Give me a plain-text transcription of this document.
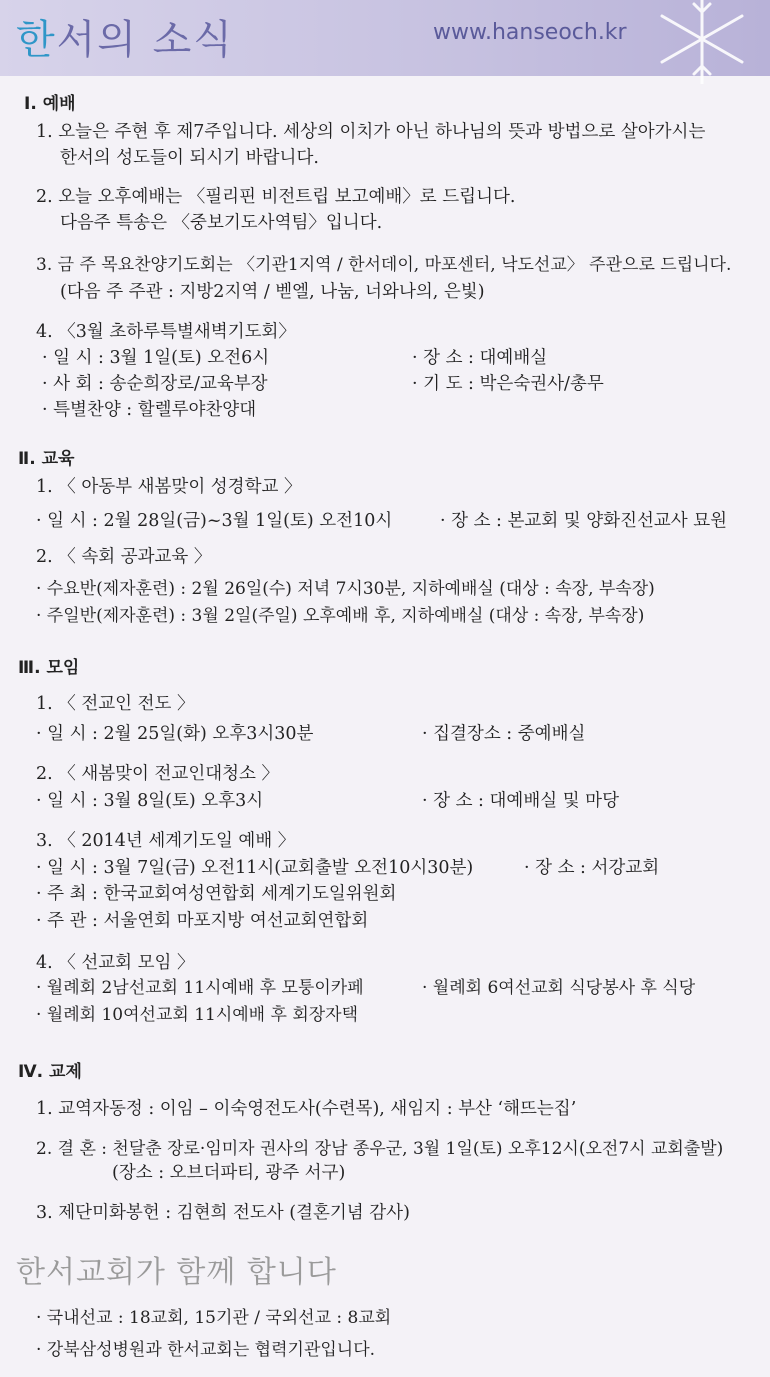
한서의 소식	www.hanseoch.kr
Ⅰ. 예배
1. 오늘은 주현 후 제7주입니다. 세상의 이치가 아닌 하나님의 뜻과 방법으로 살아가시는
한서의 성도들이 되시기 바랍니다.
2. 오늘 오후예배는 〈필리핀 비전트립 보고예배〉로 드립니다.
다음주 특송은 〈중보기도사역팀〉입니다.
3. 금 주 목요찬양기도회는 〈기관1지역 / 한서데이, 마포센터, 낙도선교〉 주관으로 드립니다.
(다음 주 주관 : 지방2지역 / 벧엘, 나눔, 너와나의, 은빛)
4. 〈3월 초하루특별새벽기도회〉
· 일 시 : 3월 1일(토) 오전6시	· 장 소 : 대예배실
· 사 회 : 송순희장로/교육부장	· 기 도 : 박은숙권사/총무
· 특별찬양 : 할렐루야찬양대
Ⅱ. 교육
1. 〈 아동부 새봄맞이 성경학교 〉
· 일 시 : 2월 28일(금)~3월 1일(토) 오전10시	· 장 소 : 본교회 및 양화진선교사 묘원
2. 〈 속회 공과교육 〉
· 수요반(제자훈련) : 2월 26일(수) 저녁 7시30분, 지하예배실 (대상 : 속장, 부속장)
· 주일반(제자훈련) : 3월 2일(주일) 오후예배 후, 지하예배실 (대상 : 속장, 부속장)
Ⅲ. 모임
1. 〈 전교인 전도 〉
· 일 시 : 2월 25일(화) 오후3시30분	· 집결장소 : 중예배실
2. 〈 새봄맞이 전교인대청소 〉
· 일 시 : 3월 8일(토) 오후3시	· 장 소 : 대예배실 및 마당
3. 〈 2014년 세계기도일 예배 〉
· 일 시 : 3월 7일(금) 오전11시(교회출발 오전10시30분)	· 장 소 : 서강교회
· 주 최 : 한국교회여성연합회 세계기도일위원회
· 주 관 : 서울연회 마포지방 여선교회연합회
4. 〈 선교회 모임 〉
· 월례회 2남선교회 11시예배 후 모퉁이카페	· 월례회 6여선교회 식당봉사 후 식당
· 월례회 10여선교회 11시예배 후 회장자택
Ⅳ. 교제
1. 교역자동정 : 이임 – 이숙영전도사(수련목), 새임지 : 부산 ‘해뜨는집’
2. 결 혼 : 천달춘 장로·임미자 권사의 장남 종우군, 3월 1일(토) 오후12시(오전7시 교회출발)
(장소 : 오브더파티, 광주 서구)
3. 제단미화봉헌 : 김현희 전도사 (결혼기념 감사)
한서교회가 함께 합니다
· 국내선교 : 18교회, 15기관 / 국외선교 : 8교회
· 강북삼성병원과 한서교회는 협력기관입니다.
